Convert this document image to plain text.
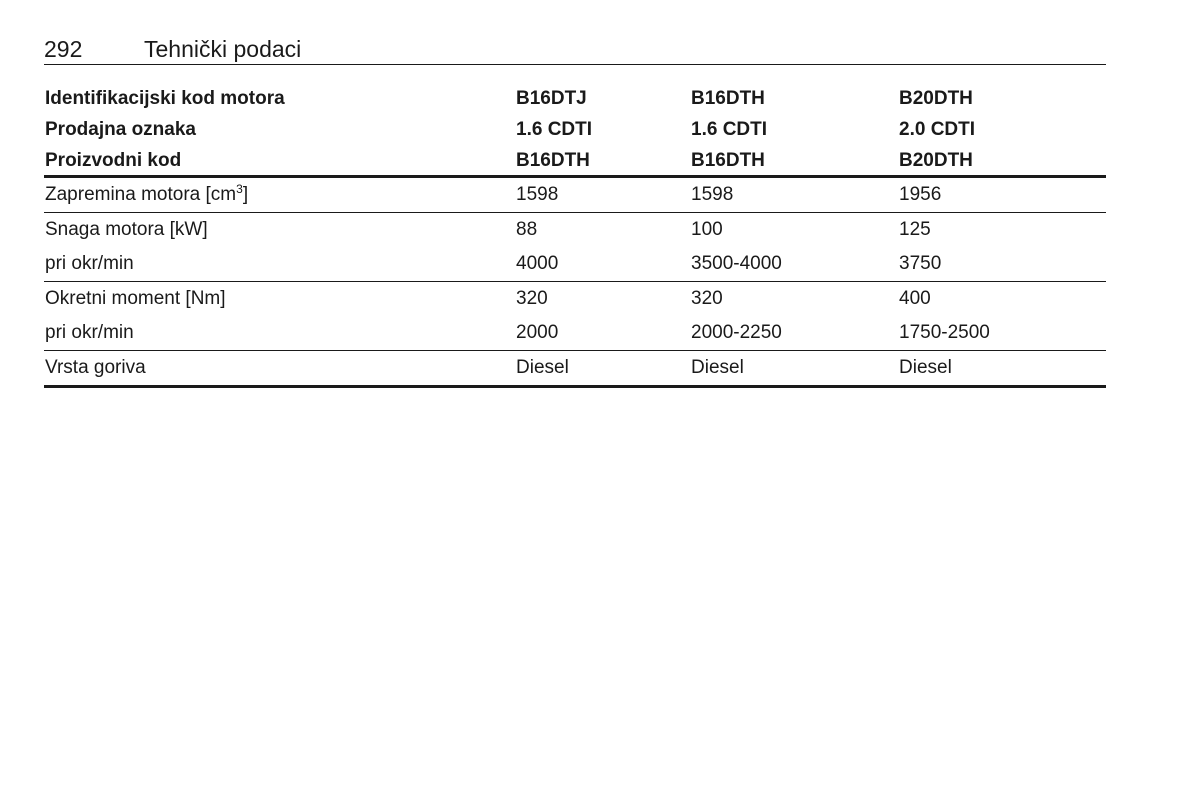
292	Tehnički podaci
Identifikacijski kod motora	B16DTJ	B16DTH	B20DTH
Prodajna oznaka	1.6 CDTI	1.6 CDTI	2.0 CDTI
Proizvodni kod	B16DTH	B16DTH	B20DTH
Zapremina motora $[cm^3]$	1598	1598	1956
Snaga motora [kW]	88	100	125
pri okr/min	4000	3500-4000	3750
Okretni moment [Nm]	320	320	400
pri okr/min	2000	2000-2250	1750-2500
Vrsta goriva	Diesel	Diesel	Diesel
